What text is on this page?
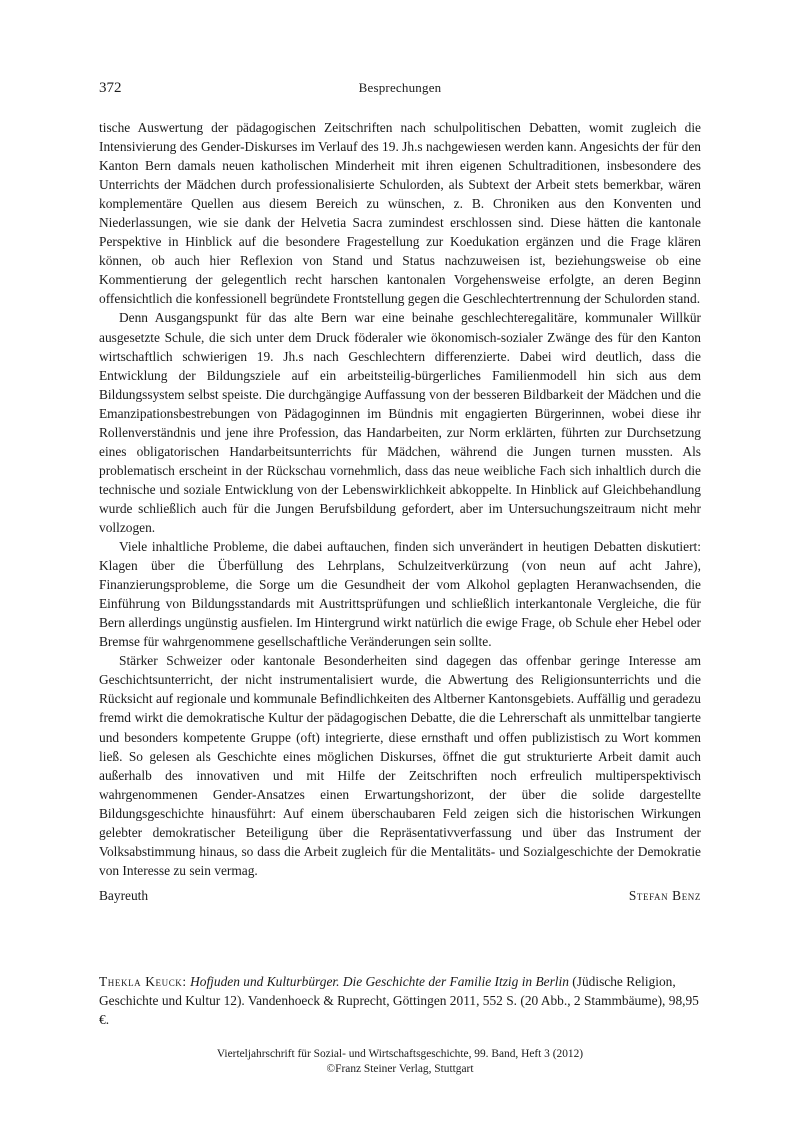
372	Besprechungen

tische Auswertung der pädagogischen Zeitschriften nach schulpolitischen Debatten, womit zugleich die Intensivierung des Gender-Diskurses im Verlauf des 19. Jh.s nachgewiesen werden kann. Angesichts der für den Kanton Bern damals neuen katholischen Minderheit mit ihren eigenen Schultraditionen, insbesondere des Unterrichts der Mädchen durch professionalisierte Schulorden, als Subtext der Arbeit stets bemerkbar, wären komplementäre Quellen aus diesem Bereich zu wünschen, z. B. Chroniken aus den Konventen und Niederlassungen, wie sie dank der Helvetia Sacra zumindest erschlossen sind. Diese hätten die kantonale Perspektive in Hinblick auf die besondere Fragestellung zur Koedukation ergänzen und die Frage klären können, ob auch hier Reflexion von Stand und Status nachzuweisen ist, beziehungsweise ob eine Kommentierung der gelegentlich recht harschen kantonalen Vorgehensweise erfolgte, an deren Beginn offensichtlich die konfessionell begründete Frontstellung gegen die Geschlechtertrennung der Schulorden stand.

Denn Ausgangspunkt für das alte Bern war eine beinahe geschlechteregalitäre, kommunaler Willkür ausgesetzte Schule, die sich unter dem Druck föderaler wie ökonomisch-sozialer Zwänge des für den Kanton wirtschaftlich schwierigen 19. Jh.s nach Geschlechtern differenzierte. Dabei wird deutlich, dass die Entwicklung der Bildungsziele auf ein arbeitsteilig-bürgerliches Familienmodell hin sich aus dem Bildungssystem selbst speiste. Die durchgängige Auffassung von der besseren Bildbarkeit der Mädchen und die Emanzipationsbestrebungen von Pädagoginnen im Bündnis mit engagierten Bürgerinnen, wobei diese ihr Rollenverständnis und jene ihre Profession, das Handarbeiten, zur Norm erklärten, führten zur Durchsetzung eines obligatorischen Handarbeitsunterrichts für Mädchen, während die Jungen turnen mussten. Als problematisch erscheint in der Rückschau vornehmlich, dass das neue weibliche Fach sich inhaltlich durch die technische und soziale Entwicklung von der Lebenswirklichkeit abkoppelte. In Hinblick auf Gleichbehandlung wurde schließlich auch für die Jungen Berufsbildung gefordert, aber im Untersuchungszeitraum nicht mehr vollzogen.

Viele inhaltliche Probleme, die dabei auftauchen, finden sich unverändert in heutigen Debatten diskutiert: Klagen über die Überfüllung des Lehrplans, Schulzeitverkürzung (von neun auf acht Jahre), Finanzierungsprobleme, die Sorge um die Gesundheit der vom Alkohol geplagten Heranwachsenden, die Einführung von Bildungsstandards mit Austrittsprüfungen und schließlich interkantonale Vergleiche, die für Bern allerdings ungünstig ausfielen. Im Hintergrund wirkt natürlich die ewige Frage, ob Schule eher Hebel oder Bremse für wahrgenommene gesellschaftliche Veränderungen sein sollte.

Stärker Schweizer oder kantonale Besonderheiten sind dagegen das offenbar geringe Interesse am Geschichtsunterricht, der nicht instrumentalisiert wurde, die Abwertung des Religionsunterrichts und die Rücksicht auf regionale und kommunale Befindlichkeiten des Altberner Kantonsgebiets. Auffällig und geradezu fremd wirkt die demokratische Kultur der pädagogischen Debatte, die die Lehrerschaft als unmittelbar tangierte und besonders kompetente Gruppe (oft) integrierte, diese ernsthaft und offen publizistisch zu Wort kommen ließ. So gelesen als Geschichte eines möglichen Diskurses, öffnet die gut strukturierte Arbeit damit auch außerhalb des innovativen und mit Hilfe der Zeitschriften noch erfreulich multiperspektivisch wahrgenommenen Gender-Ansatzes einen Erwartungshorizont, der über die solide dargestellte Bildungsgeschichte hinausführt: Auf einem überschaubaren Feld zeigen sich die historischen Wirkungen gelebter demokratischer Beteiligung über die Repräsentativverfassung und über das Instrument der Volksabstimmung hinaus, so dass die Arbeit zugleich für die Mentalitäts- und Sozialgeschichte der Demokratie von Interesse zu sein vermag.

Bayreuth	Stefan Benz
Thekla Keuck: Hofjuden und Kulturbürger. Die Geschichte der Familie Itzig in Berlin (Jüdische Religion, Geschichte und Kultur 12). Vandenhoeck & Ruprecht, Göttingen 2011, 552 S. (20 Abb., 2 Stammbäume), 98,95 €.
Vierteljahrschrift für Sozial- und Wirtschaftsgeschichte, 99. Band, Heft 3 (2012)
©Franz Steiner Verlag, Stuttgart
